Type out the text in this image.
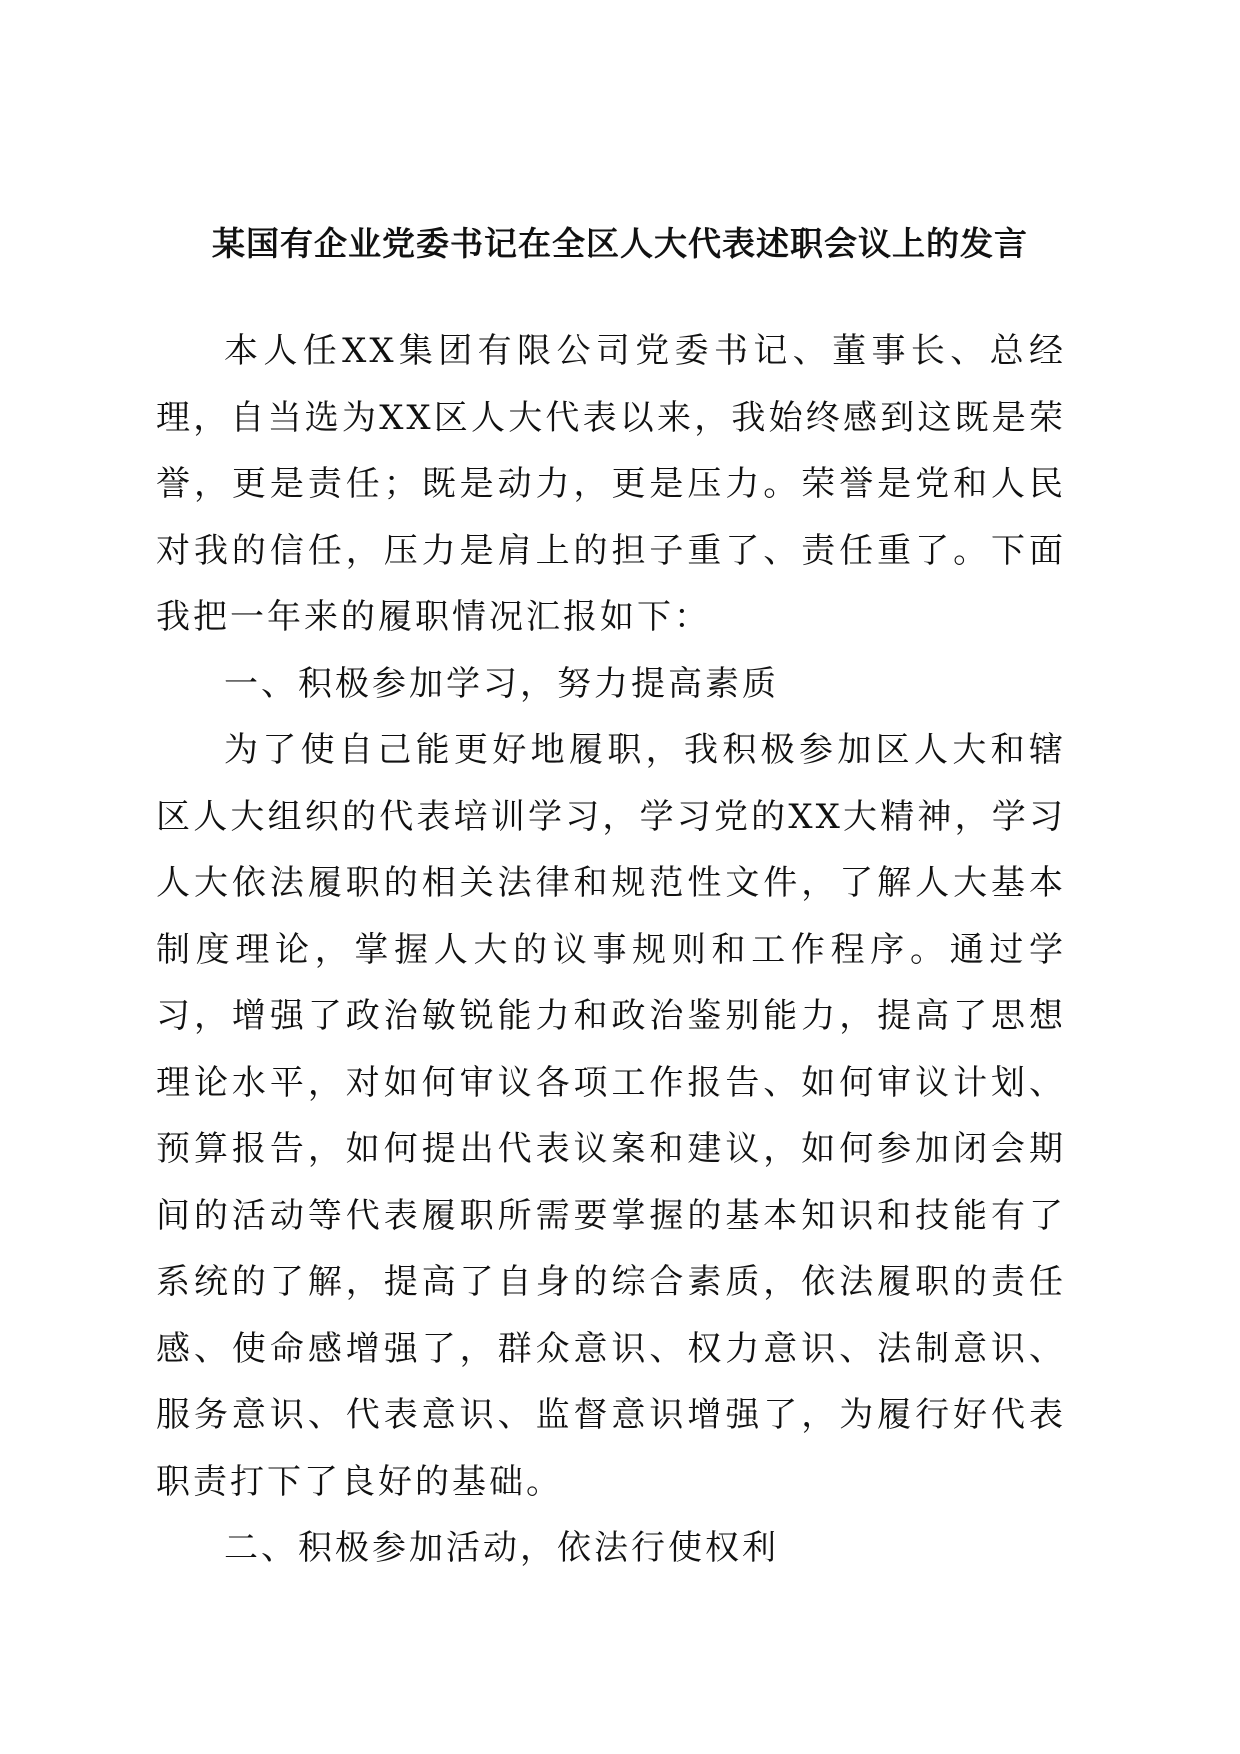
某国有企业党委书记在全区人大代表述职会议上的发言

本人任XX集团有限公司党委书记、董事长、总经理，自当选为XX区人大代表以来，我始终感到这既是荣誉，更是责任；既是动力，更是压力。荣誉是党和人民对我的信任，压力是肩上的担子重了、责任重了。下面我把一年来的履职情况汇报如下：

一、积极参加学习，努力提高素质

为了使自己能更好地履职，我积极参加区人大和辖区人大组织的代表培训学习，学习党的XX大精神，学习人大依法履职的相关法律和规范性文件，了解人大基本制度理论，掌握人大的议事规则和工作程序。通过学习，增强了政治敏锐能力和政治鉴别能力，提高了思想理论水平，对如何审议各项工作报告、如何审议计划、预算报告，如何提出代表议案和建议，如何参加闭会期间的活动等代表履职所需要掌握的基本知识和技能有了系统的了解，提高了自身的综合素质，依法履职的责任感、使命感增强了，群众意识、权力意识、法制意识、服务意识、代表意识、监督意识增强了，为履行好代表职责打下了良好的基础。

二、积极参加活动，依法行使权利
